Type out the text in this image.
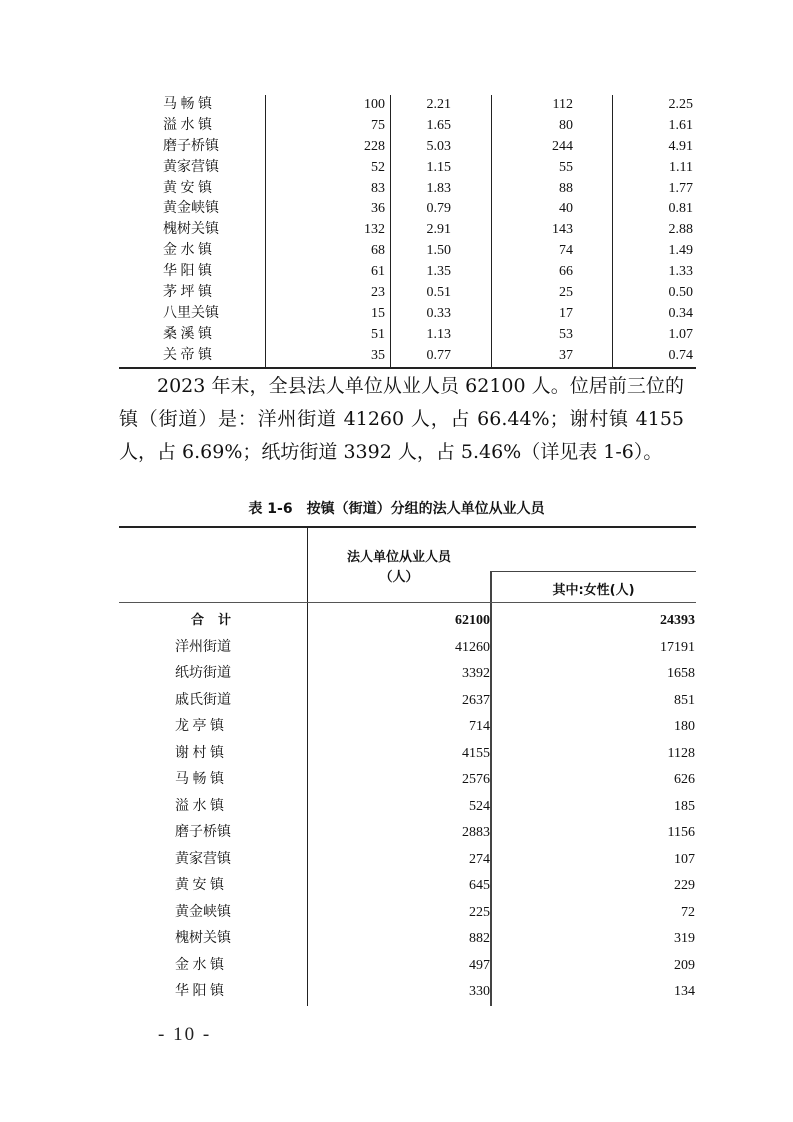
马 畅 镇	100	2.21	112	2.25
溢 水 镇	75	1.65	80	1.61
磨子桥镇	228	5.03	244	4.91
黄家营镇	52	1.15	55	1.11
黄 安 镇	83	1.83	88	1.77
黄金峡镇	36	0.79	40	0.81
槐树关镇	132	2.91	143	2.88
金 水 镇	68	1.50	74	1.49
华 阳 镇	61	1.35	66	1.33
茅 坪 镇	23	0.51	25	0.50
八里关镇	15	0.33	17	0.34
桑 溪 镇	51	1.13	53	1.07
关 帝 镇	35	0.77	37	0.74

2023 年末，全县法人单位从业人员 62100 人。位居前三位的镇（街道）是：洋州街道 41260 人，占 66.44%；谢村镇 4155 人，占 6.69%；纸坊街道 3392 人，占 5.46%（详见表 1-6）。

表 1-6 按镇（街道）分组的法人单位从业人员
法人单位从业人员
（人）
其中:女性(人)
合计	62100	24393
洋州街道	41260	17191
纸坊街道	3392	1658
戚氏街道	2637	851
龙 亭 镇	714	180
谢 村 镇	4155	1128
马 畅 镇	2576	626
溢 水 镇	524	185
磨子桥镇	2883	1156
黄家营镇	274	107
黄 安 镇	645	229
黄金峡镇	225	72
槐树关镇	882	319
金 水 镇	497	209
华 阳 镇	330	134
- 10 -
